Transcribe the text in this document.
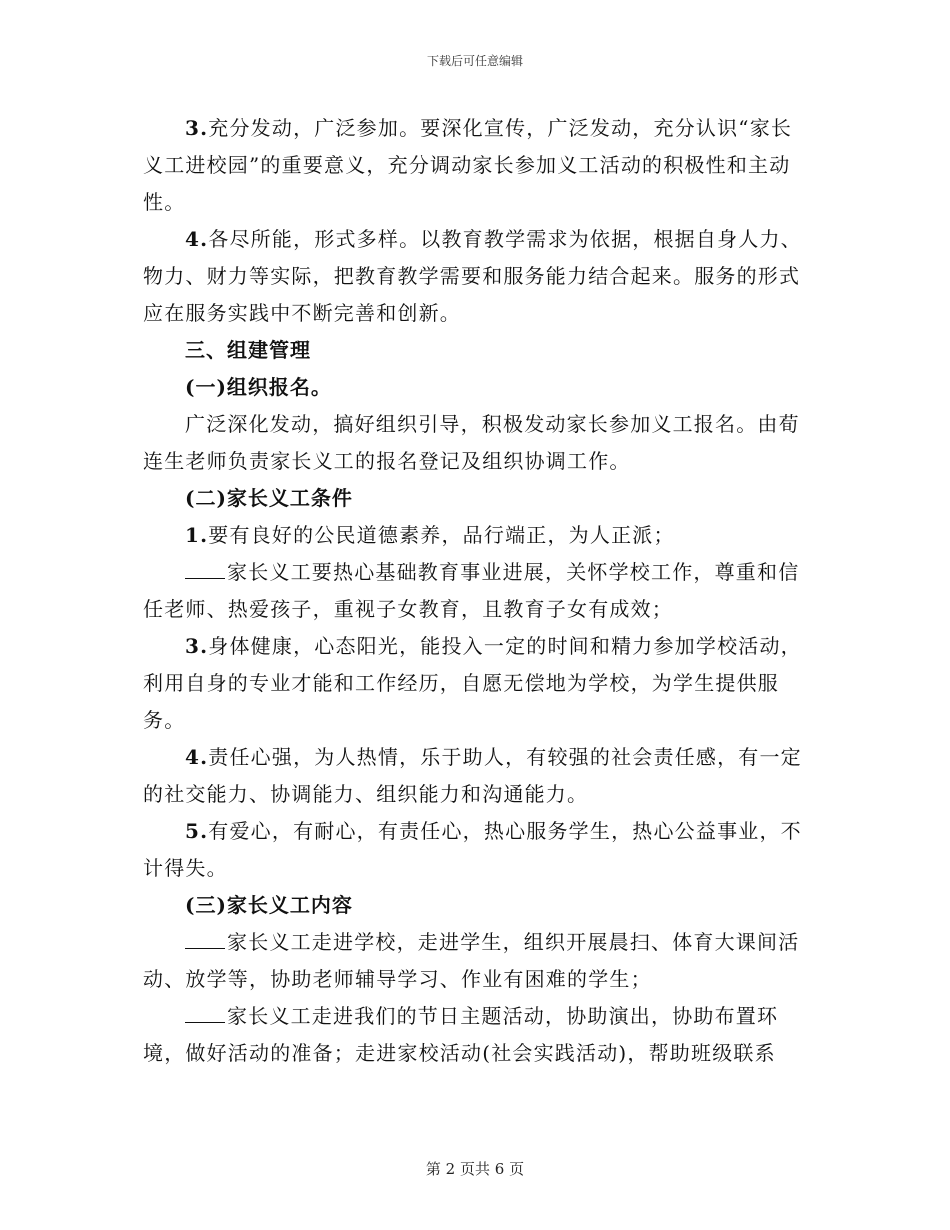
下载后可任意编辑

3.充分发动，广泛参加。要深化宣传，广泛发动，充分认识“家长义工进校园”的重要意义，充分调动家长参加义工活动的积极性和主动性。

4.各尽所能，形式多样。以教育教学需求为依据，根据自身人力、物力、财力等实际，把教育教学需要和服务能力结合起来。服务的形式应在服务实践中不断完善和创新。

三、组建管理

(一)组织报名。

广泛深化发动，搞好组织引导，积极发动家长参加义工报名。由荀连生老师负责家长义工的报名登记及组织协调工作。

(二)家长义工条件

1.要有良好的公民道德素养，品行端正，为人正派；

家长义工要热心基础教育事业进展，关怀学校工作，尊重和信任老师、热爱孩子，重视子女教育，且教育子女有成效；

3.身体健康，心态阳光，能投入一定的时间和精力参加学校活动，利用自身的专业才能和工作经历，自愿无偿地为学校，为学生提供服务。

4.责任心强，为人热情，乐于助人，有较强的社会责任感，有一定的社交能力、协调能力、组织能力和沟通能力。

5.有爱心，有耐心，有责任心，热心服务学生，热心公益事业，不计得失。

(三)家长义工内容

家长义工走进学校，走进学生，组织开展晨扫、体育大课间活动、放学等，协助老师辅导学习、作业有困难的学生；

家长义工走进我们的节日主题活动，协助演出，协助布置环境，做好活动的准备；走进家校活动(社会实践活动)，帮助班级联系

第 2 页共 6 页
